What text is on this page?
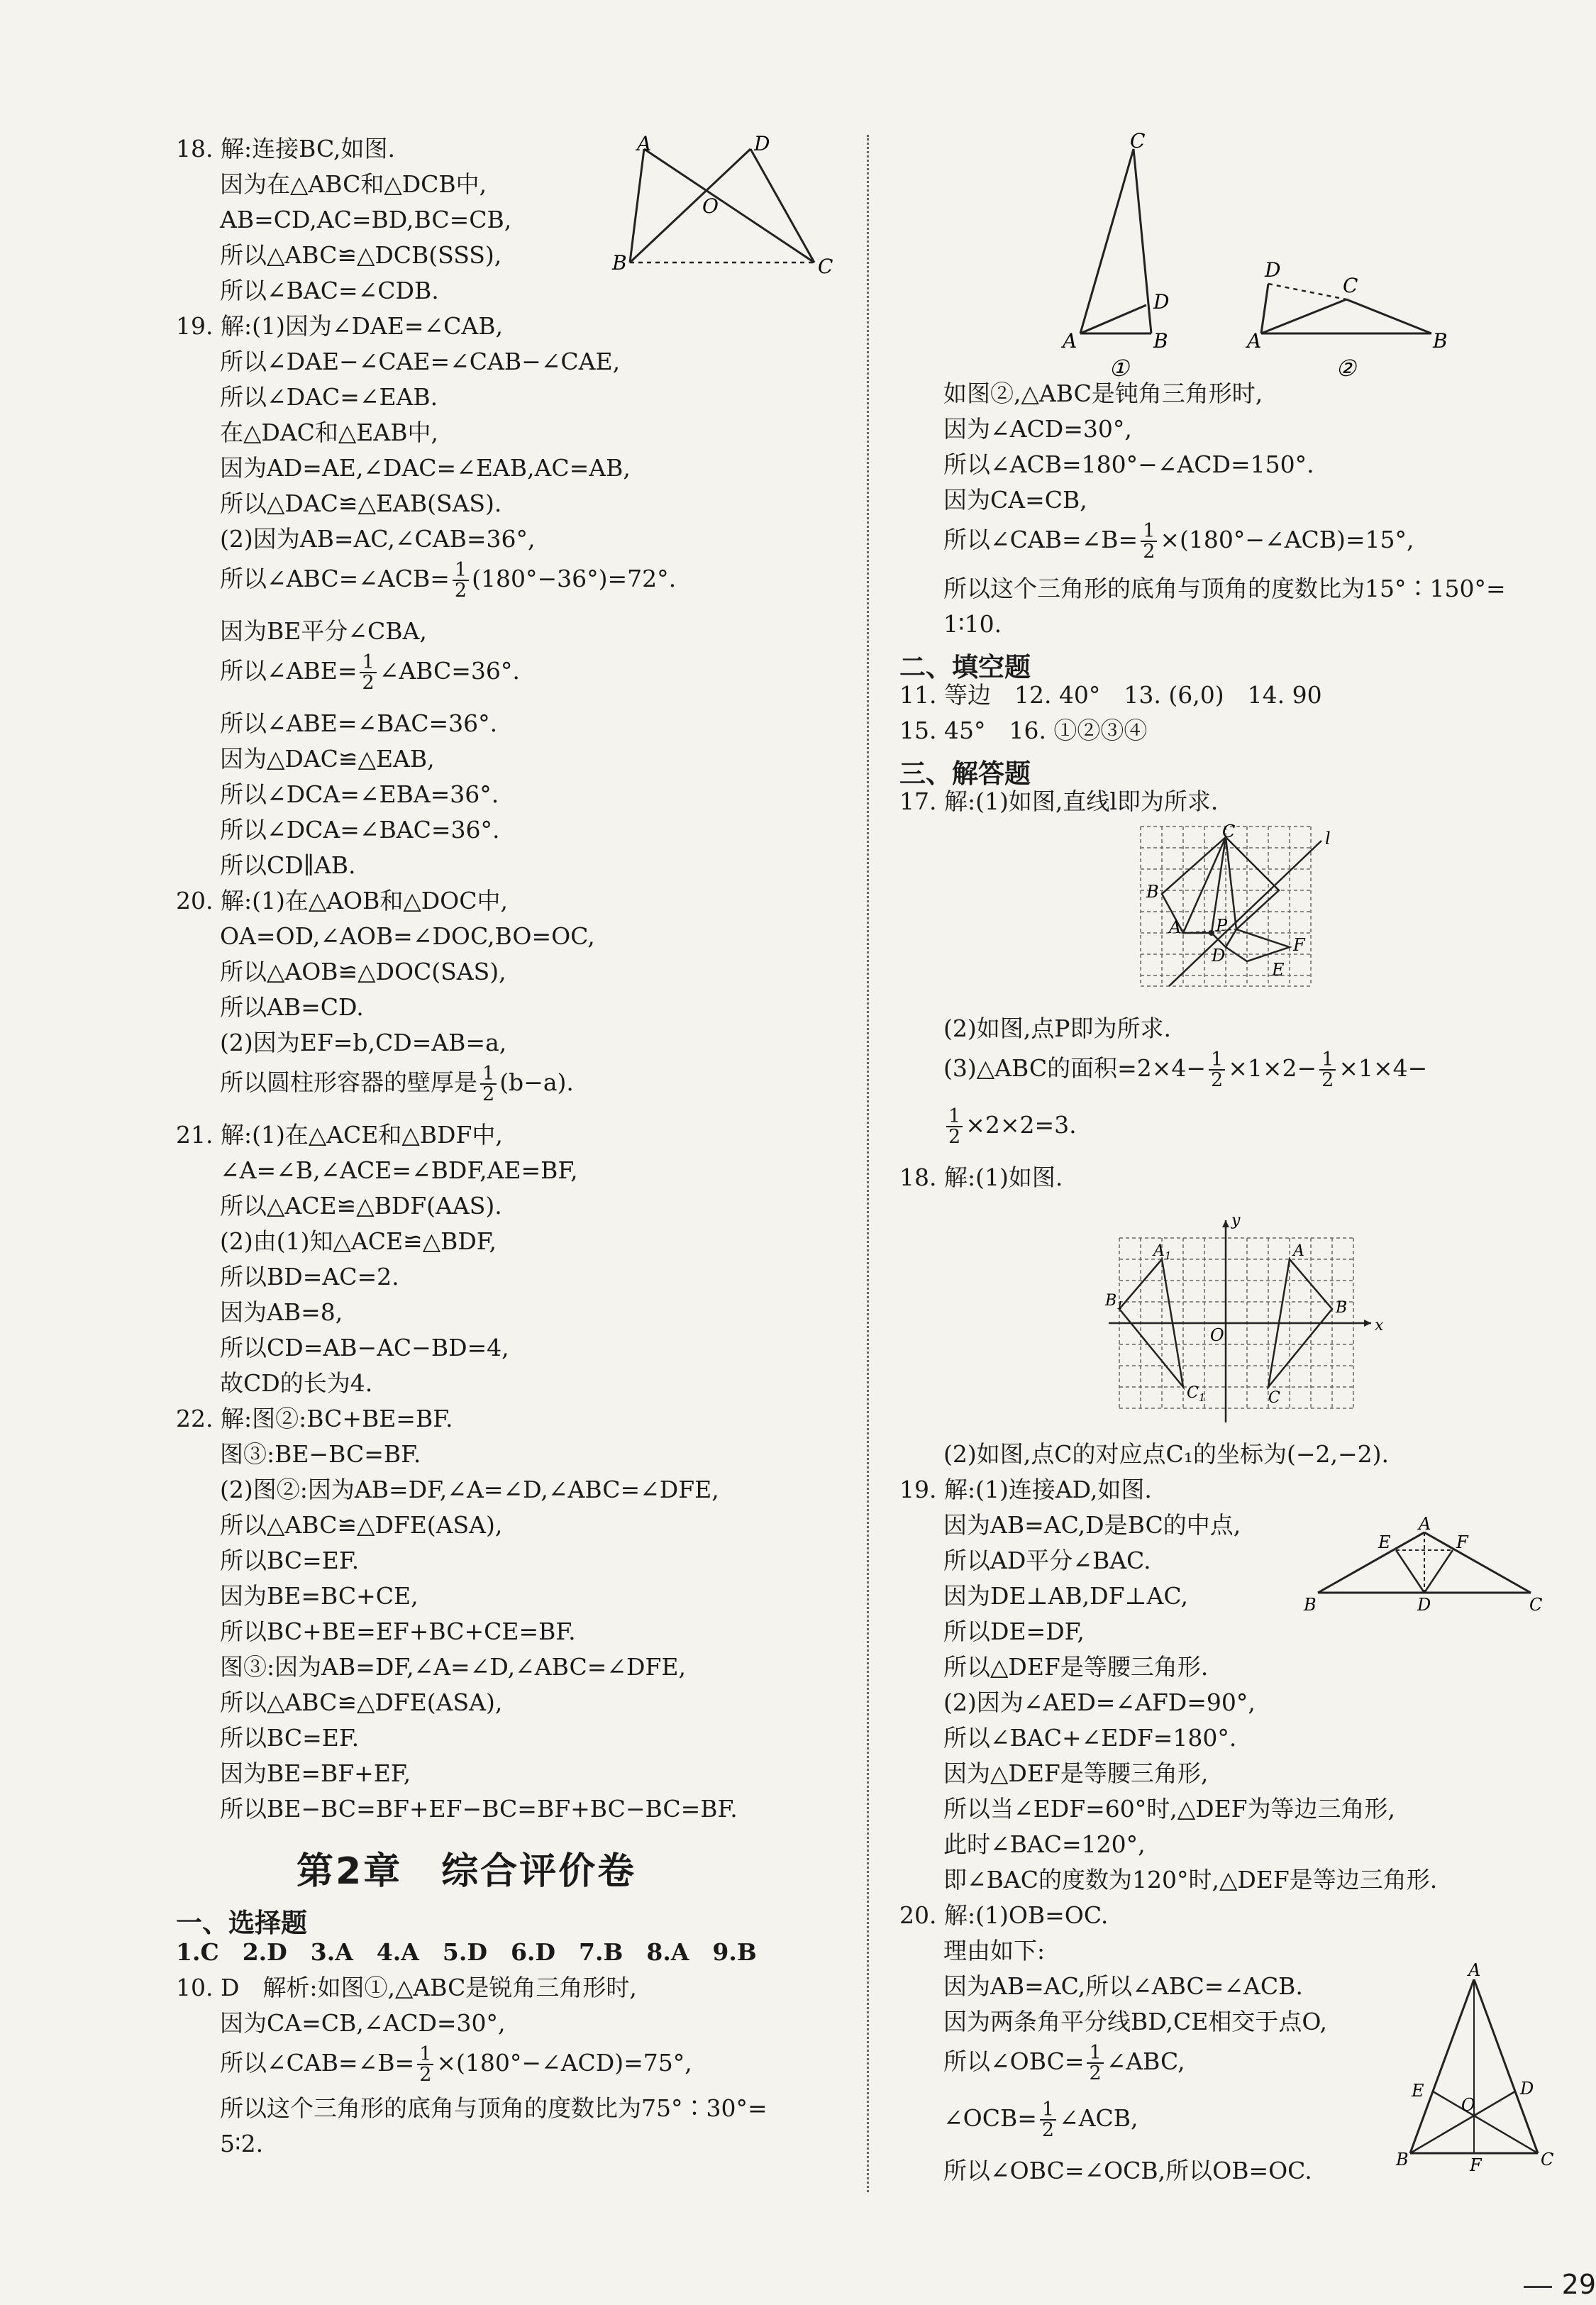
18. 解:连接BC,如图.
因为在△ABC和△DCB中,
AB=CD,AC=BD,BC=CB,
所以△ABC≌△DCB(SSS),
所以∠BAC=∠CDB.
A	D
O
B	C
19. 解:(1)因为∠DAE=∠CAB,
所以∠DAE−∠CAE=∠CAB−∠CAE,
所以∠DAC=∠EAB.
在△DAC和△EAB中,
因为AD=AE,∠DAC=∠EAB,AC=AB,
所以△DAC≌△EAB(SAS).
(2)因为AB=AC,∠CAB=36°,
所以∠ABC=∠ACB= $\frac{1}{2} (180^\circ-36^\circ)=72^\circ$.
因为BE平分∠CBA,
所以∠ABE= $\frac{1}{2}$ ∠ABC=36°.
所以∠ABE=∠BAC=36°.
因为△DAC≌△EAB,
所以∠DCA=∠EBA=36°.
所以∠DCA=∠BAC=36°.
所以CD∥AB.
20. 解:(1)在△AOB和△DOC中,
OA=OD,∠AOB=∠DOC,BO=OC,
所以△AOB≌△DOC(SAS),
所以AB=CD.
(2)因为EF=b,CD=AB=a,
所以圆柱形容器的壁厚是 $\frac{1}{2} (b-a)$.
21. 解:(1)在△ACE和△BDF中,
∠A=∠B,∠ACE=∠BDF,AE=BF,
所以△ACE≌△BDF(AAS).
(2)由(1)知△ACE≌△BDF,
所以BD=AC=2.
因为AB=8,
所以CD=AB−AC−BD=4,
故CD的长为4.
22. 解:图②:BC+BE=BF.
图③:BE−BC=BF.
(2)图②:因为AB=DF,∠A=∠D,∠ABC=∠DFE,
所以△ABC≌△DFE(ASA),
所以BC=EF.
因为BE=BC+CE,
所以BC+BE=EF+BC+CE=BF.
图③:因为AB=DF,∠A=∠D,∠ABC=∠DFE,
所以△ABC≌△DFE(ASA),
所以BC=EF.
因为BE=BF+EF,
所以BE−BC=BF+EF−BC=BF+BC−BC=BF.
第2章　综合评价卷
一、选择题
1.C　2.D　3.A　4.A　5.D　6.D　7.B　8.A　9.B
10. D　解析:如图①,△ABC是锐角三角形时,
因为CA=CB,∠ACD=30°,
所以∠CAB=∠B= $\frac{1}{2}$ ×(180°−∠ACD)=75°,
所以这个三角形的底角与顶角的度数比为75°∶30°=
5∶2.
C
A	B
D
①
D
C
A	B
②
如图②,△ABC是钝角三角形时,
因为∠ACD=30°,
所以∠ACB=180°−∠ACD=150°.
因为CA=CB,
所以∠CAB=∠B= $\frac{1}{2}$ ×(180°−∠ACB)=15°,
所以这个三角形的底角与顶角的度数比为15°∶150°=
1∶10.
二、填空题
11. 等边　12. 40°　13. (6,0)　14. 90
15. 45°　16. ①②③④
三、解答题
17. 解:(1)如图,直线l即为所求.
C
B
A P
D
F
E
l
(2)如图,点P即为所求.
(3)△ABC的面积$=2\times 4- \frac{1}{2} \times 1\times 2- \frac{1}{2} \times 1\times 4-$
$\frac{1}{2} \times 2\times 2=3$.
18. 解:(1)如图.
x
y
O
$A_1$
$B_1$
$C_1$
A
B
C
(2)如图,点C的对应点C₁的坐标为(−2,−2).
19. 解:(1)连接AD,如图.
因为AB=AC,D是BC的中点,
所以AD平分∠BAC.
因为DE⊥AB,DF⊥AC,
所以DE=DF,
所以△DEF是等腰三角形.
(2)因为∠AED=∠AFD=90°,
所以∠BAC+∠EDF=180°.
因为△DEF是等腰三角形,
所以当∠EDF=60°时,△DEF为等边三角形,
此时∠BAC=120°,
即∠BAC的度数为120°时,△DEF是等边三角形.
A
E	F
B	D	C
20. 解:(1)OB=OC.
理由如下:
因为AB=AC,所以∠ABC=∠ACB.
因为两条角平分线BD,CE相交于点O,
所以∠OBC= $\frac{1}{2}$ ∠ABC,
∠OCB= $\frac{1}{2}$ ∠ACB,
所以∠OBC=∠OCB,所以OB=OC.
A
E	D
O
B	C
F
29
